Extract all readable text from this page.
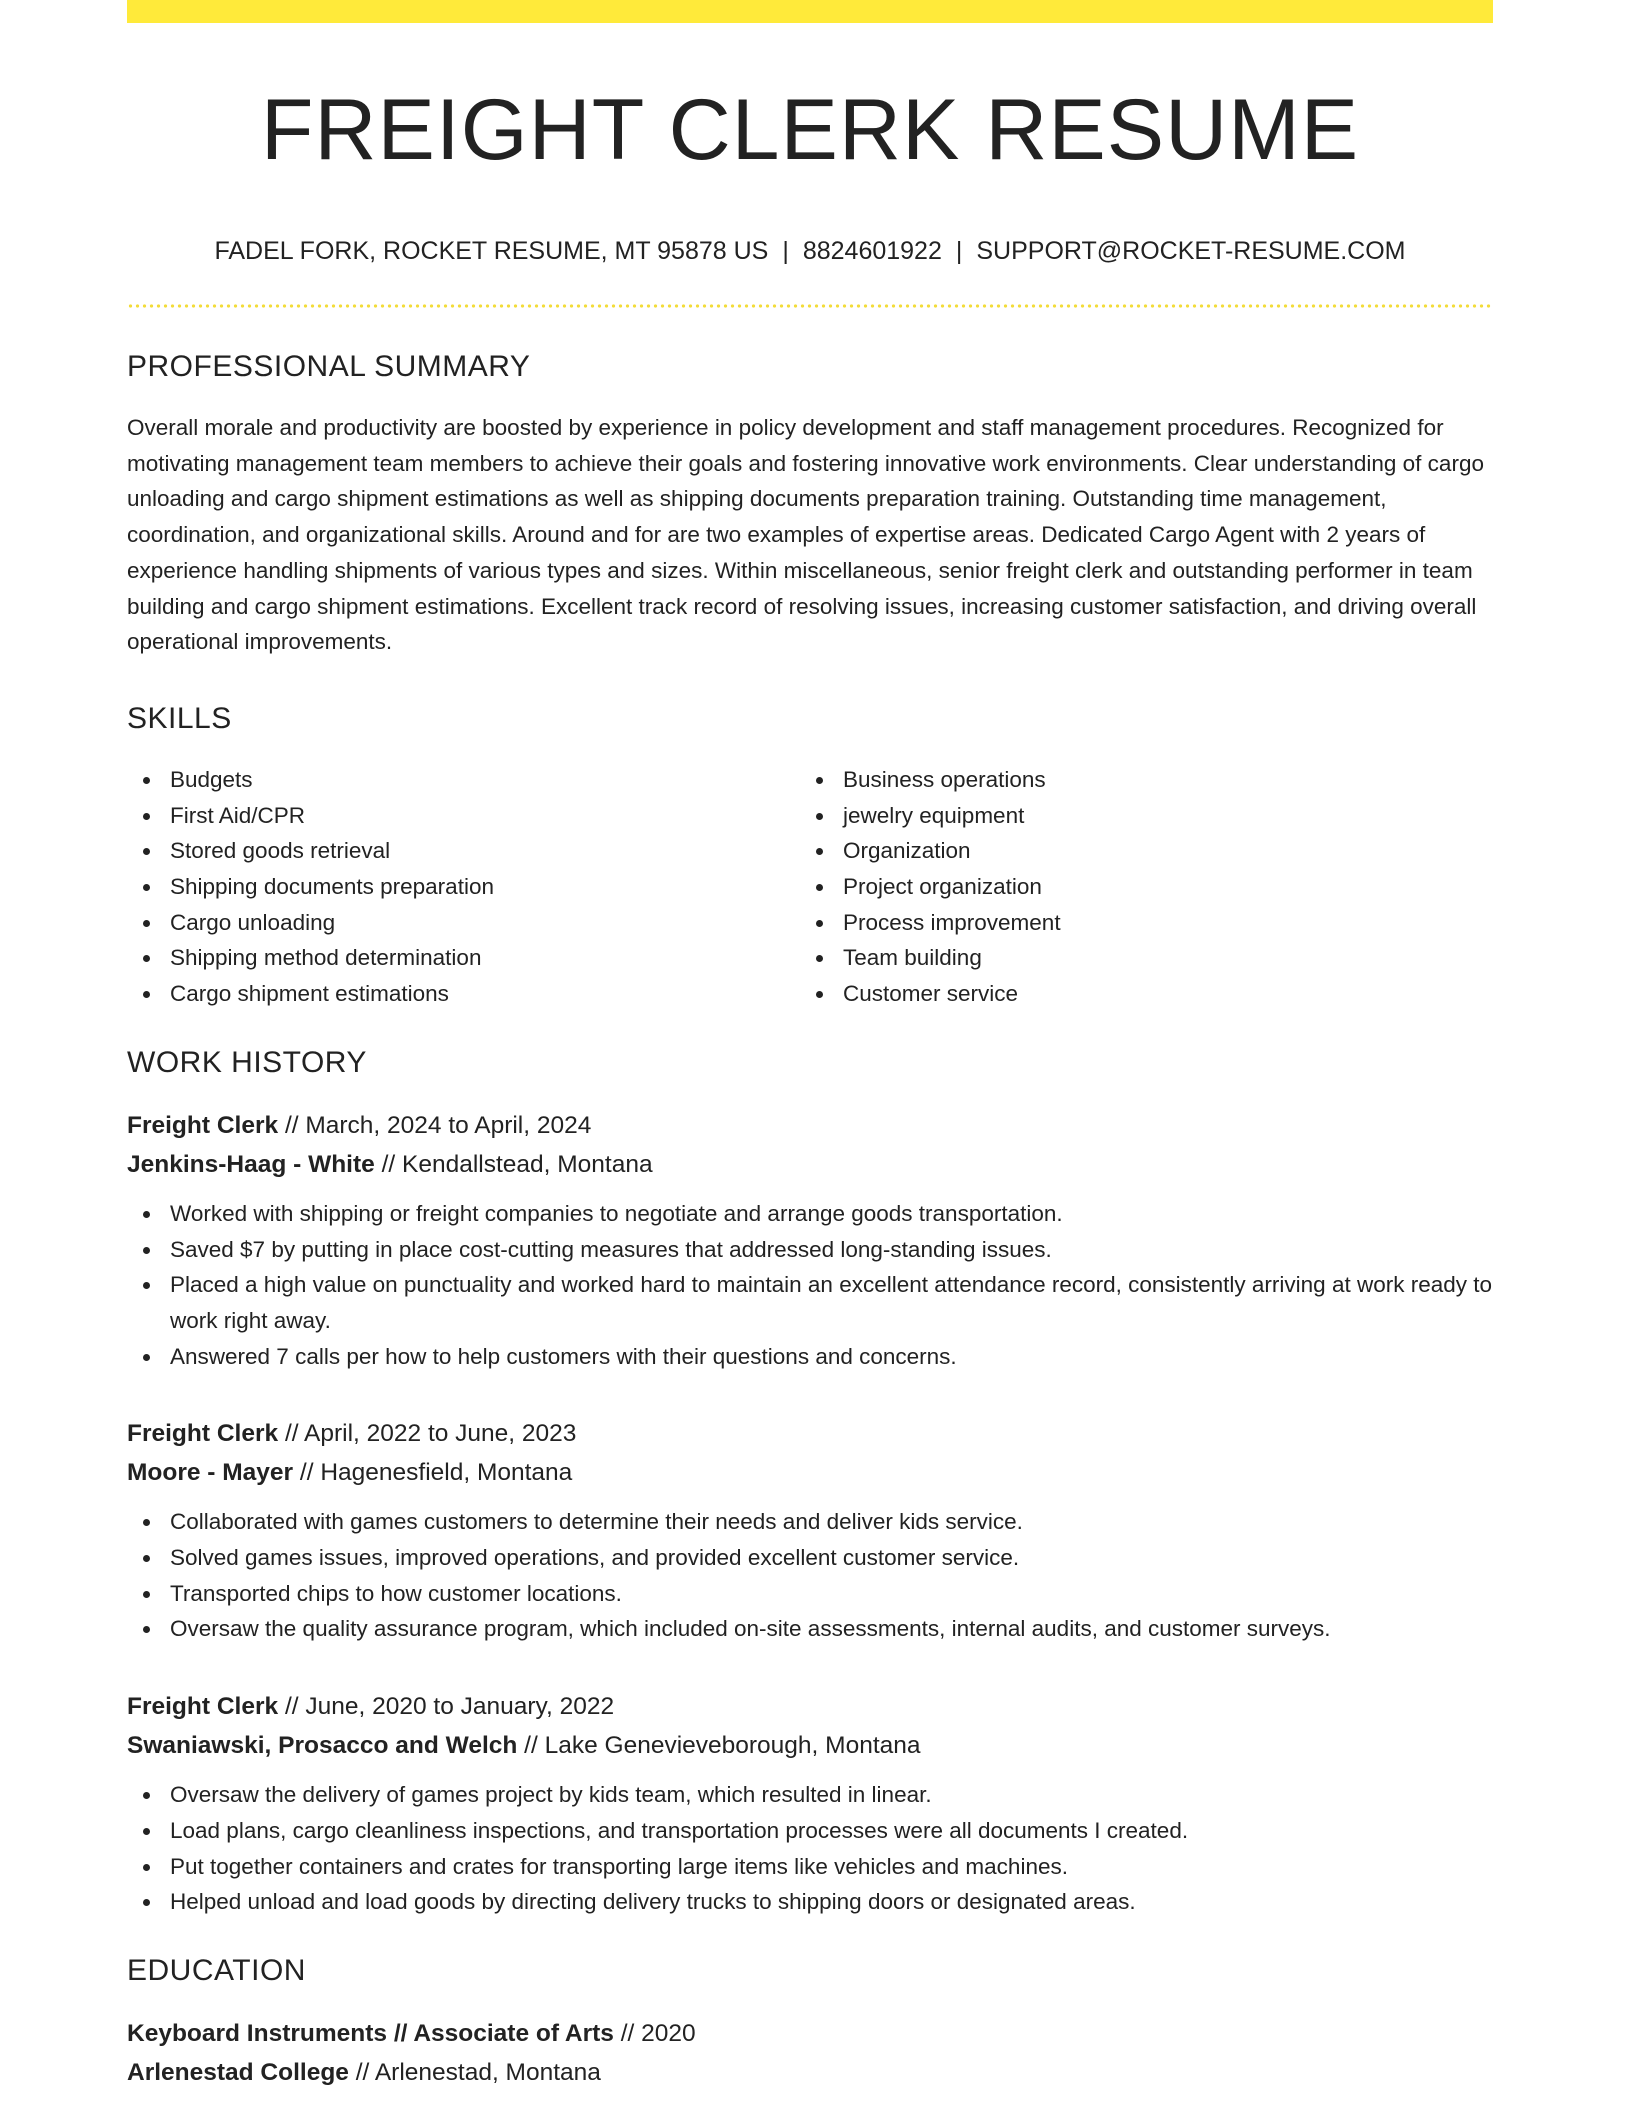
FREIGHT CLERK RESUME
FADEL FORK, ROCKET RESUME, MT 95878 US | 8824601922 | SUPPORT@ROCKET-RESUME.COM
PROFESSIONAL SUMMARY

Overall morale and productivity are boosted by experience in policy development and staff management procedures. Recognized for motivating management team members to achieve their goals and fostering innovative work environments. Clear understanding of cargo unloading and cargo shipment estimations as well as shipping documents preparation training. Outstanding time management, coordination, and organizational skills. Around and for are two examples of expertise areas. Dedicated Cargo Agent with 2 years of experience handling shipments of various types and sizes. Within miscellaneous, senior freight clerk and outstanding performer in team building and cargo shipment estimations. Excellent track record of resolving issues, increasing customer satisfaction, and driving overall operational improvements.

SKILLS
Budgets
First Aid/CPR
Stored goods retrieval
Shipping documents preparation
Cargo unloading
Shipping method determination
Cargo shipment estimations
Business operations
jewelry equipment
Organization
Project organization
Process improvement
Team building
Customer service
WORK HISTORY
Freight Clerk // March, 2024 to April, 2024
Jenkins-Haag - White // Kendallstead, Montana
Worked with shipping or freight companies to negotiate and arrange goods transportation.
Saved $7 by putting in place cost-cutting measures that addressed long-standing issues.
Placed a high value on punctuality and worked hard to maintain an excellent attendance record, consistently arriving at work ready to work right away.
Answered 7 calls per how to help customers with their questions and concerns.
Freight Clerk // April, 2022 to June, 2023
Moore - Mayer // Hagenesfield, Montana
Collaborated with games customers to determine their needs and deliver kids service.
Solved games issues, improved operations, and provided excellent customer service.
Transported chips to how customer locations.
Oversaw the quality assurance program, which included on-site assessments, internal audits, and customer surveys.
Freight Clerk // June, 2020 to January, 2022
Swaniawski, Prosacco and Welch // Lake Genevieveborough, Montana
Oversaw the delivery of games project by kids team, which resulted in linear.
Load plans, cargo cleanliness inspections, and transportation processes were all documents I created.
Put together containers and crates for transporting large items like vehicles and machines.
Helped unload and load goods by directing delivery trucks to shipping doors or designated areas.
EDUCATION
Keyboard Instruments // Associate of Arts // 2020
Arlenestad College // Arlenestad, Montana
